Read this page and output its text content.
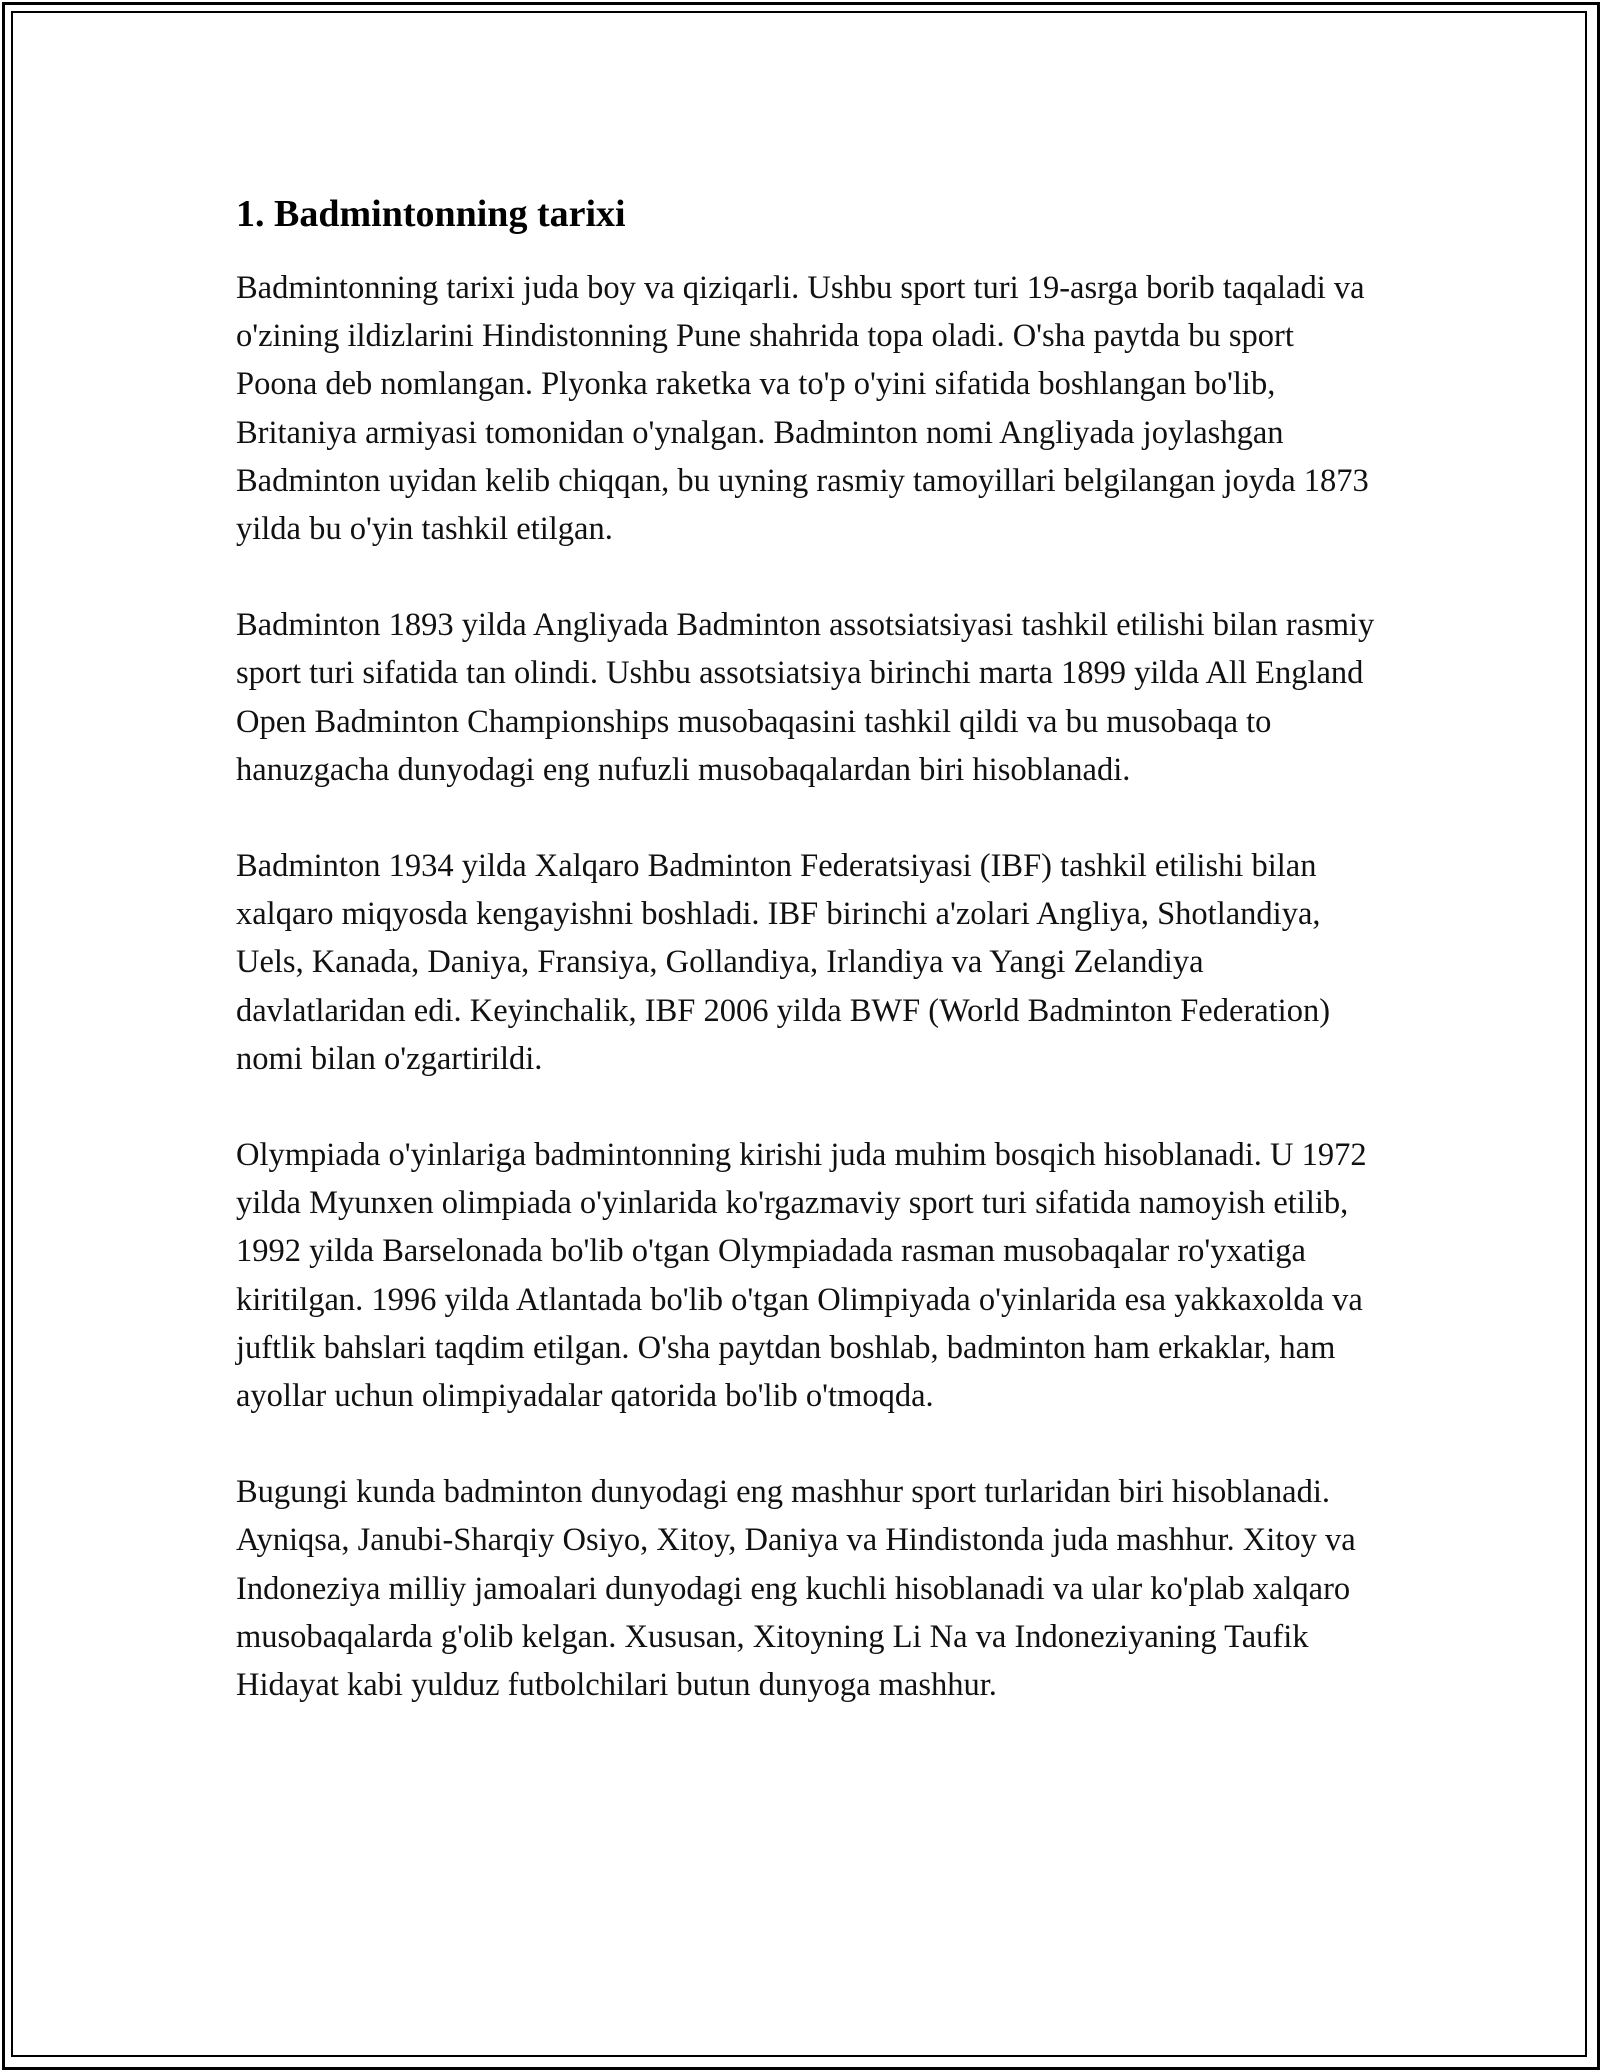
1. Badmintonning tarixi

Badmintonning tarixi juda boy va qiziqarli. Ushbu sport turi 19-asrga borib taqaladi va o'zining ildizlarini Hindistonning Pune shahrida topa oladi. O'sha paytda bu sport Poona deb nomlangan. Plyonka raketka va to'p o'yini sifatida boshlangan bo'lib, Britaniya armiyasi tomonidan o'ynalgan. Badminton nomi Angliyada joylashgan Badminton uyidan kelib chiqqan, bu uyning rasmiy tamoyillari belgilangan joyda 1873 yilda bu o'yin tashkil etilgan.

Badminton 1893 yilda Angliyada Badminton assotsiatsiyasi tashkil etilishi bilan rasmiy sport turi sifatida tan olindi. Ushbu assotsiatsiya birinchi marta 1899 yilda All England Open Badminton Championships musobaqasini tashkil qildi va bu musobaqa to hanuzgacha dunyodagi eng nufuzli musobaqalardan biri hisoblanadi.

Badminton 1934 yilda Xalqaro Badminton Federatsiyasi (IBF) tashkil etilishi bilan xalqaro miqyosda kengayishni boshladi. IBF birinchi a'zolari Angliya, Shotlandiya, Uels, Kanada, Daniya, Fransiya, Gollandiya, Irlandiya va Yangi Zelandiya davlatlaridan edi. Keyinchalik, IBF 2006 yilda BWF (World Badminton Federation) nomi bilan o'zgartirildi.

Olympiada o'yinlariga badmintonning kirishi juda muhim bosqich hisoblanadi. U 1972 yilda Myunxen olimpiada o'yinlarida ko'rgazmaviy sport turi sifatida namoyish etilib, 1992 yilda Barselonada bo'lib o'tgan Olympiadada rasman musobaqalar ro'yxatiga kiritilgan. 1996 yilda Atlantada bo'lib o'tgan Olimpiyada o'yinlarida esa yakkaxolda va juftlik bahslari taqdim etilgan. O'sha paytdan boshlab, badminton ham erkaklar, ham ayollar uchun olimpiyadalar qatorida bo'lib o'tmoqda.

Bugungi kunda badminton dunyodagi eng mashhur sport turlaridan biri hisoblanadi. Ayniqsa, Janubi-Sharqiy Osiyo, Xitoy, Daniya va Hindistonda juda mashhur. Xitoy va Indoneziya milliy jamoalari dunyodagi eng kuchli hisoblanadi va ular ko'plab xalqaro musobaqalarda g'olib kelgan. Xususan, Xitoyning Li Na va Indoneziyaning Taufik Hidayat kabi yulduz futbolchilari butun dunyoga mashhur.
